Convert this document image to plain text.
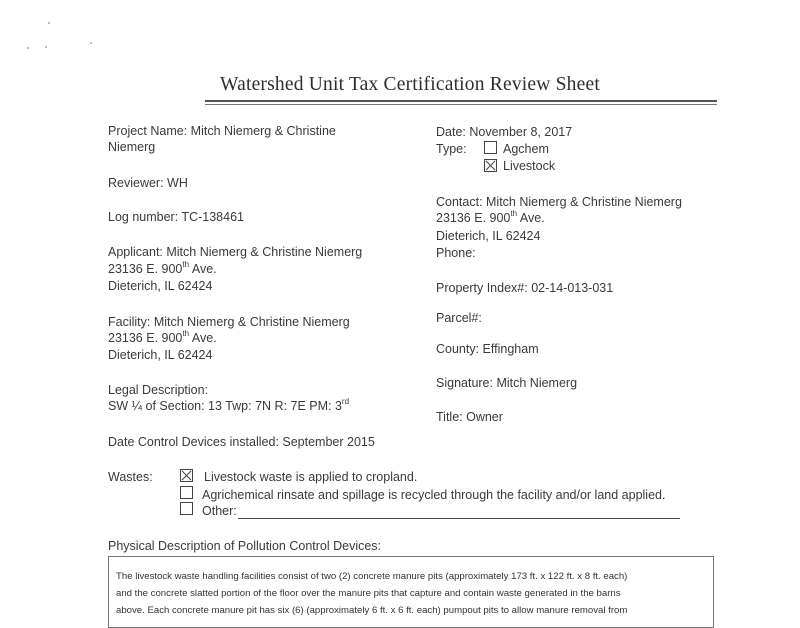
Watershed Unit Tax Certification Review Sheet
Project Name: Mitch Niemerg & Christine
Niemerg
Reviewer: WH
Log number: TC-138461
Applicant: Mitch Niemerg & Christine Niemerg
23136 E. 900th Ave.
Dieterich, IL 62424
Facility: Mitch Niemerg & Christine Niemerg
23136 E. 900th Ave.
Dieterich, IL 62424
Legal Description:
SW ¼ of Section: 13 Twp: 7N R: 7E PM: 3rd
Date Control Devices installed: September 2015
Date: November 8, 2017
Type:	Agchem
Livestock
Contact: Mitch Niemerg & Christine Niemerg
23136 E. 900th Ave.
Dieterich, IL 62424
Phone:
Property Index#: 02-14-013-031
Parcel#:
County: Effingham
Signature: Mitch Niemerg
Title: Owner
Wastes:	Livestock waste is applied to cropland.
Agrichemical rinsate and spillage is recycled through the facility and/or land applied.
Other:
Physical Description of Pollution Control Devices:
The livestock waste handling facilities consist of two (2) concrete manure pits (approximately 173 ft. x 122 ft. x 8 ft. each)
and the concrete slatted portion of the floor over the manure pits that capture and contain waste generated in the barns
above. Each concrete manure pit has six (6) (approximately 6 ft. x 6 ft. each) pumpout pits to allow manure removal from
